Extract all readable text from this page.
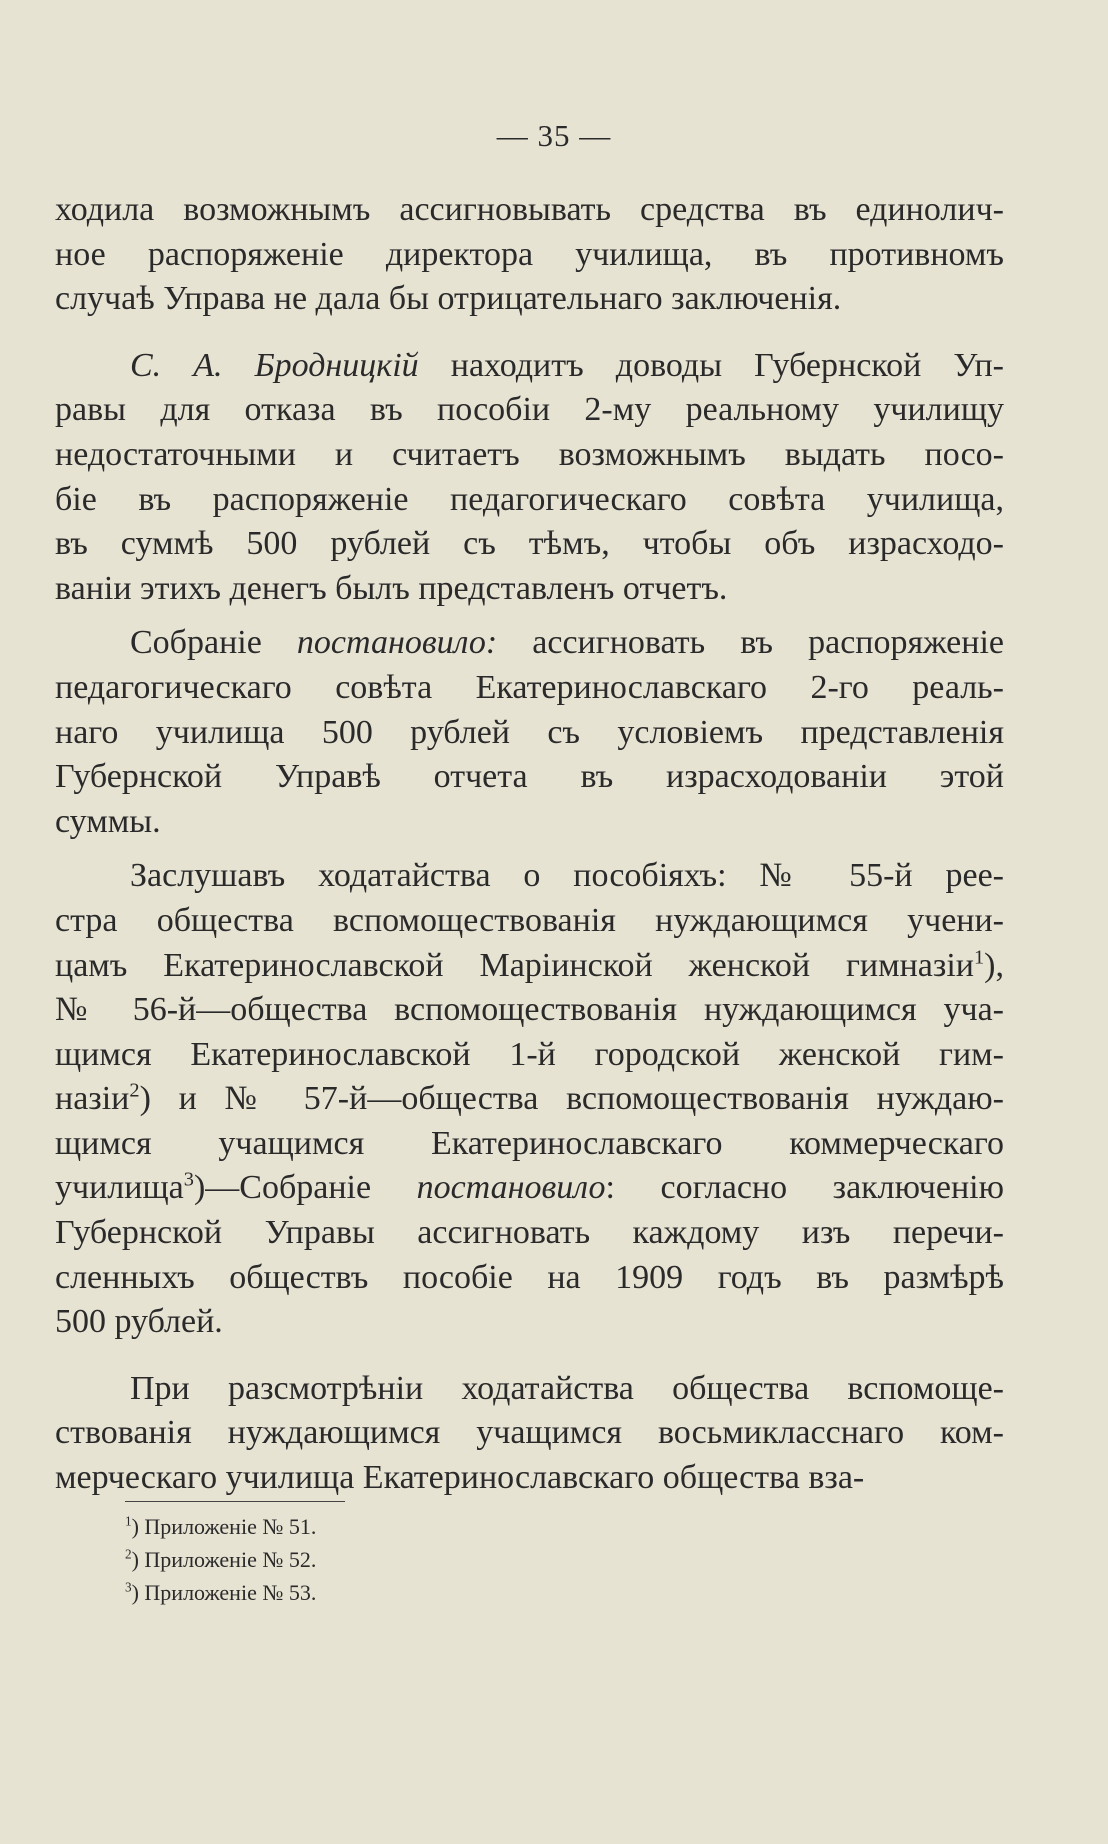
— 35 —
ходила возможнымъ ассигновывать средства въ единолич-
ное распоряженіе директора училища, въ противномъ
случаѣ Управа не дала бы отрицательнаго заключенія.
С. А. Бродницкій находитъ доводы Губернской Уп-
равы для отказа въ пособіи 2-му реальному училищу
недостаточными и считаетъ возможнымъ выдать посо-
біе въ распоряженіе педагогическаго совѣта училища,
въ суммѣ 500 рублей съ тѣмъ, чтобы объ израсходо-
ваніи этихъ денегъ былъ представленъ отчетъ.
Собраніе постановило: ассигновать въ распоряженіе
педагогическаго совѣта Екатеринославскаго 2-го реаль-
наго училища 500 рублей съ условіемъ представленія
Губернской Управѣ отчета въ израсходованіи этой
суммы.
Заслушавъ ходатайства о пособіяхъ: № 55-й рее-
стра общества вспомоществованія нуждающимся учени-
цамъ Екатеринославской Маріинской женской гимназіи$^1$),
№ 56-й—общества вспомоществованія нуждающимся уча-
щимся Екатеринославской 1-й городской женской гим-
назіи$^2$) и № 57-й—общества вспомоществованія нуждаю-
щимся учащимся Екатеринославскаго коммерческаго
училища$^3$)—Собраніе постановило: согласно заключенію
Губернской Управы ассигновать каждому изъ перечи-
сленныхъ обществъ пособіе на 1909 годъ въ размѣрѣ
500 рублей.
При разсмотрѣніи ходатайства общества вспомоще-
ствованія нуждающимся учащимся восьмикласснаго ком-
мерческаго училища Екатеринославскаго общества вза-
$^1$) Приложеніе № 51.
$^2$) Приложеніе № 52.
$^3$) Приложеніе № 53.
